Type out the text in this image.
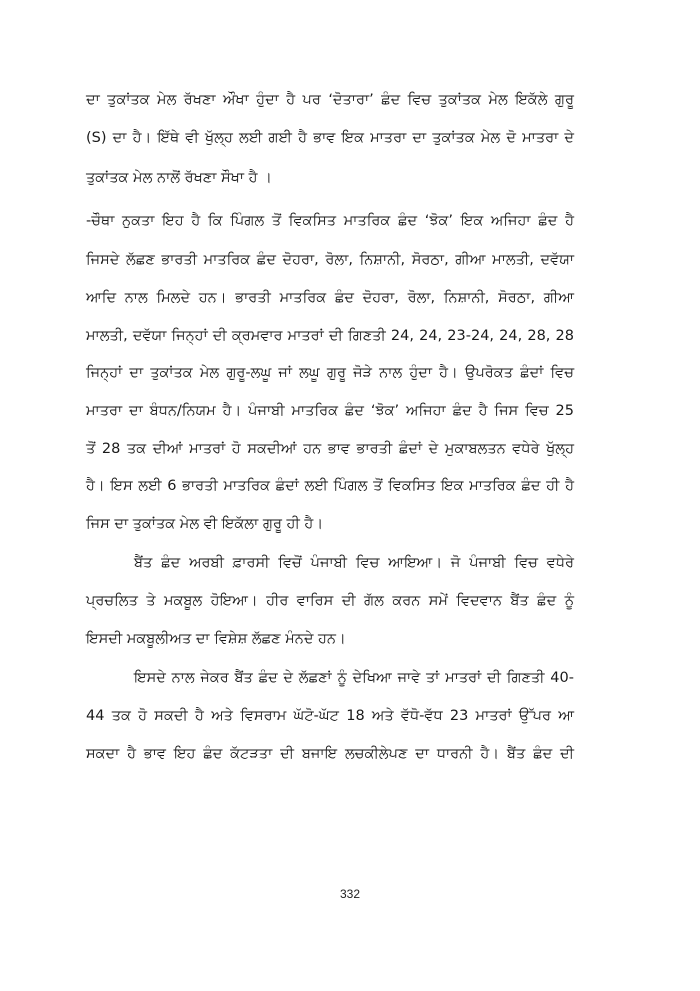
ਦਾ ਤੁਕਾਂਤਕ ਮੇਲ ਰੱਖਣਾ ਔਖਾ ਹੁੰਦਾ ਹੈ ਪਰ ‘ਦੋਤਾਰਾ’ ਛੰਦ ਵਿਚ ਤੁਕਾਂਤਕ ਮੇਲ ਇਕੱਲੇ ਗੁਰੂ
(S) ਦਾ ਹੈ। ਇੱਥੇ ਵੀ ਖੁੱਲ੍ਹ ਲਈ ਗਈ ਹੈ ਭਾਵ ਇਕ ਮਾਤਰਾ ਦਾ ਤੁਕਾਂਤਕ ਮੇਲ ਦੋ ਮਾਤਰਾ ਦੇ
ਤੁਕਾਂਤਕ ਮੇਲ ਨਾਲੋਂ ਰੱਖਣਾ ਸੌਖਾ ਹੈ ।
-ਚੌਥਾ ਨੁਕਤਾ ਇਹ ਹੈ ਕਿ ਪਿੰਗਲ ਤੋਂ ਵਿਕਸਿਤ ਮਾਤਰਿਕ ਛੰਦ ‘ਝੋਕ’ ਇਕ ਅਜਿਹਾ ਛੰਦ ਹੈ
ਜਿਸਦੇ ਲੱਛਣ ਭਾਰਤੀ ਮਾਤਰਿਕ ਛੰਦ ਦੋਹਰਾ, ਰੋਲਾ, ਨਿਸ਼ਾਨੀ, ਸੋਰਠਾ, ਗੀਆ ਮਾਲਤੀ, ਦਵੱਯਾ
ਆਦਿ ਨਾਲ ਮਿਲਦੇ ਹਨ। ਭਾਰਤੀ ਮਾਤਰਿਕ ਛੰਦ ਦੋਹਰਾ, ਰੋਲਾ, ਨਿਸ਼ਾਨੀ, ਸੋਰਠਾ, ਗੀਆ
ਮਾਲਤੀ, ਦਵੱਯਾ ਜਿਨ੍ਹਾਂ ਦੀ ਕ੍ਰਮਵਾਰ ਮਾਤਰਾਂ ਦੀ ਗਿਣਤੀ 24, 24, 23-24, 24, 28, 28
ਜਿਨ੍ਹਾਂ ਦਾ ਤੁਕਾਂਤਕ ਮੇਲ ਗੁਰੂ-ਲਘੂ ਜਾਂ ਲਘੂ ਗੁਰੂ ਜੋੜੇ ਨਾਲ ਹੁੰਦਾ ਹੈ। ਉਪਰੋਕਤ ਛੰਦਾਂ ਵਿਚ
ਮਾਤਰਾ ਦਾ ਬੰਧਨ/ਨਿਯਮ ਹੈ। ਪੰਜਾਬੀ ਮਾਤਰਿਕ ਛੰਦ ‘ਝੋਕ’ ਅਜਿਹਾ ਛੰਦ ਹੈ ਜਿਸ ਵਿਚ 25
ਤੋਂ 28 ਤਕ ਦੀਆਂ ਮਾਤਰਾਂ ਹੋ ਸਕਦੀਆਂ ਹਨ ਭਾਵ ਭਾਰਤੀ ਛੰਦਾਂ ਦੇ ਮੁਕਾਬਲਤਨ ਵਧੇਰੇ ਖੁੱਲ੍ਹ
ਹੈ। ਇਸ ਲਈ 6 ਭਾਰਤੀ ਮਾਤਰਿਕ ਛੰਦਾਂ ਲਈ ਪਿੰਗਲ ਤੋਂ ਵਿਕਸਿਤ ਇਕ ਮਾਤਰਿਕ ਛੰਦ ਹੀ ਹੈ
ਜਿਸ ਦਾ ਤੁਕਾਂਤਕ ਮੇਲ ਵੀ ਇਕੱਲਾ ਗੁਰੂ ਹੀ ਹੈ।
ਬੈਂਤ ਛੰਦ ਅਰਬੀ ਫ਼ਾਰਸੀ ਵਿਚੋਂ ਪੰਜਾਬੀ ਵਿਚ ਆਇਆ। ਜੋ ਪੰਜਾਬੀ ਵਿਚ ਵਧੇਰੇ
ਪ੍ਰਚਲਿਤ ਤੇ ਮਕਬੂਲ ਹੋਇਆ। ਹੀਰ ਵਾਰਿਸ ਦੀ ਗੱਲ ਕਰਨ ਸਮੇਂ ਵਿਦਵਾਨ ਬੈਂਤ ਛੰਦ ਨੂੰ
ਇਸਦੀ ਮਕਬੂਲੀਅਤ ਦਾ ਵਿਸ਼ੇਸ਼ ਲੱਛਣ ਮੰਨਦੇ ਹਨ।
ਇਸਦੇ ਨਾਲ ਜੇਕਰ ਬੈਂਤ ਛੰਦ ਦੇ ਲੱਛਣਾਂ ਨੂੰ ਦੇਖਿਆ ਜਾਵੇ ਤਾਂ ਮਾਤਰਾਂ ਦੀ ਗਿਣਤੀ 40-
44 ਤਕ ਹੋ ਸਕਦੀ ਹੈ ਅਤੇ ਵਿਸਰਾਮ ਘੱਟੋ-ਘੱਟ 18 ਅਤੇ ਵੱਧੋ-ਵੱਧ 23 ਮਾਤਰਾਂ ਉੱਪਰ ਆ
ਸਕਦਾ ਹੈ ਭਾਵ ਇਹ ਛੰਦ ਕੱਟੜਤਾ ਦੀ ਬਜਾਇ ਲਚਕੀਲੇਪਣ ਦਾ ਧਾਰਨੀ ਹੈ। ਬੈਂਤ ਛੰਦ ਦੀ
332
